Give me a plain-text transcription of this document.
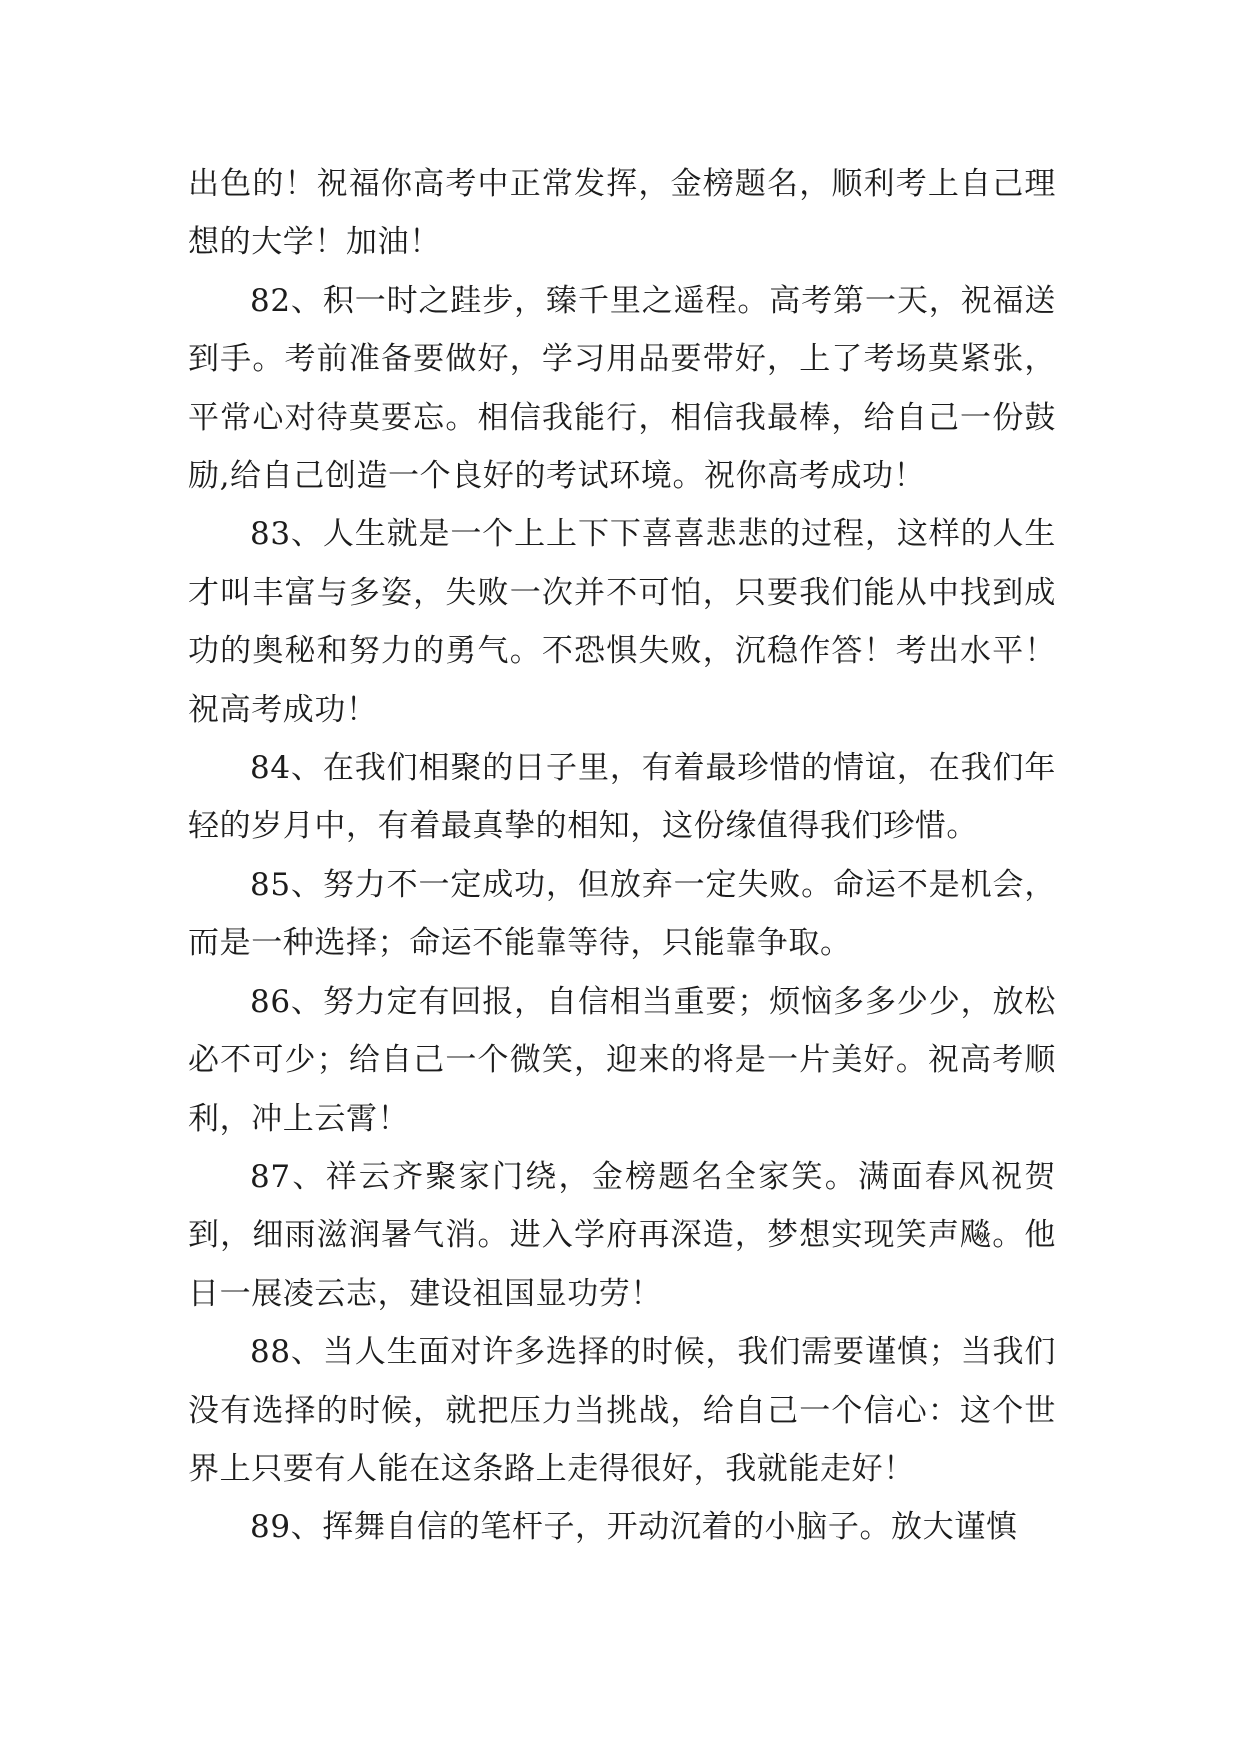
出色的！祝福你高考中正常发挥，金榜题名，顺利考上自己理想的大学！加油！

82、积一时之跬步，臻千里之遥程。高考第一天，祝福送到手。考前准备要做好，学习用品要带好，上了考场莫紧张，平常心对待莫要忘。相信我能行，相信我最棒，给自己一份鼓励,给自己创造一个良好的考试环境。祝你高考成功！

83、人生就是一个上上下下喜喜悲悲的过程，这样的人生才叫丰富与多姿，失败一次并不可怕，只要我们能从中找到成功的奥秘和努力的勇气。不恐惧失败，沉稳作答！考出水平！祝高考成功！

84、在我们相聚的日子里，有着最珍惜的情谊，在我们年轻的岁月中，有着最真挚的相知，这份缘值得我们珍惜。

85、努力不一定成功，但放弃一定失败。命运不是机会，而是一种选择；命运不能靠等待，只能靠争取。

86、努力定有回报，自信相当重要；烦恼多多少少，放松必不可少；给自己一个微笑，迎来的将是一片美好。祝高考顺利，冲上云霄！

87、祥云齐聚家门绕，金榜题名全家笑。满面春风祝贺到，细雨滋润暑气消。进入学府再深造，梦想实现笑声飚。他日一展凌云志，建设祖国显功劳！

88、当人生面对许多选择的时候，我们需要谨慎；当我们没有选择的时候，就把压力当挑战，给自己一个信心：这个世界上只要有人能在这条路上走得很好，我就能走好！

89、挥舞自信的笔杆子，开动沉着的小脑子。放大谨慎
